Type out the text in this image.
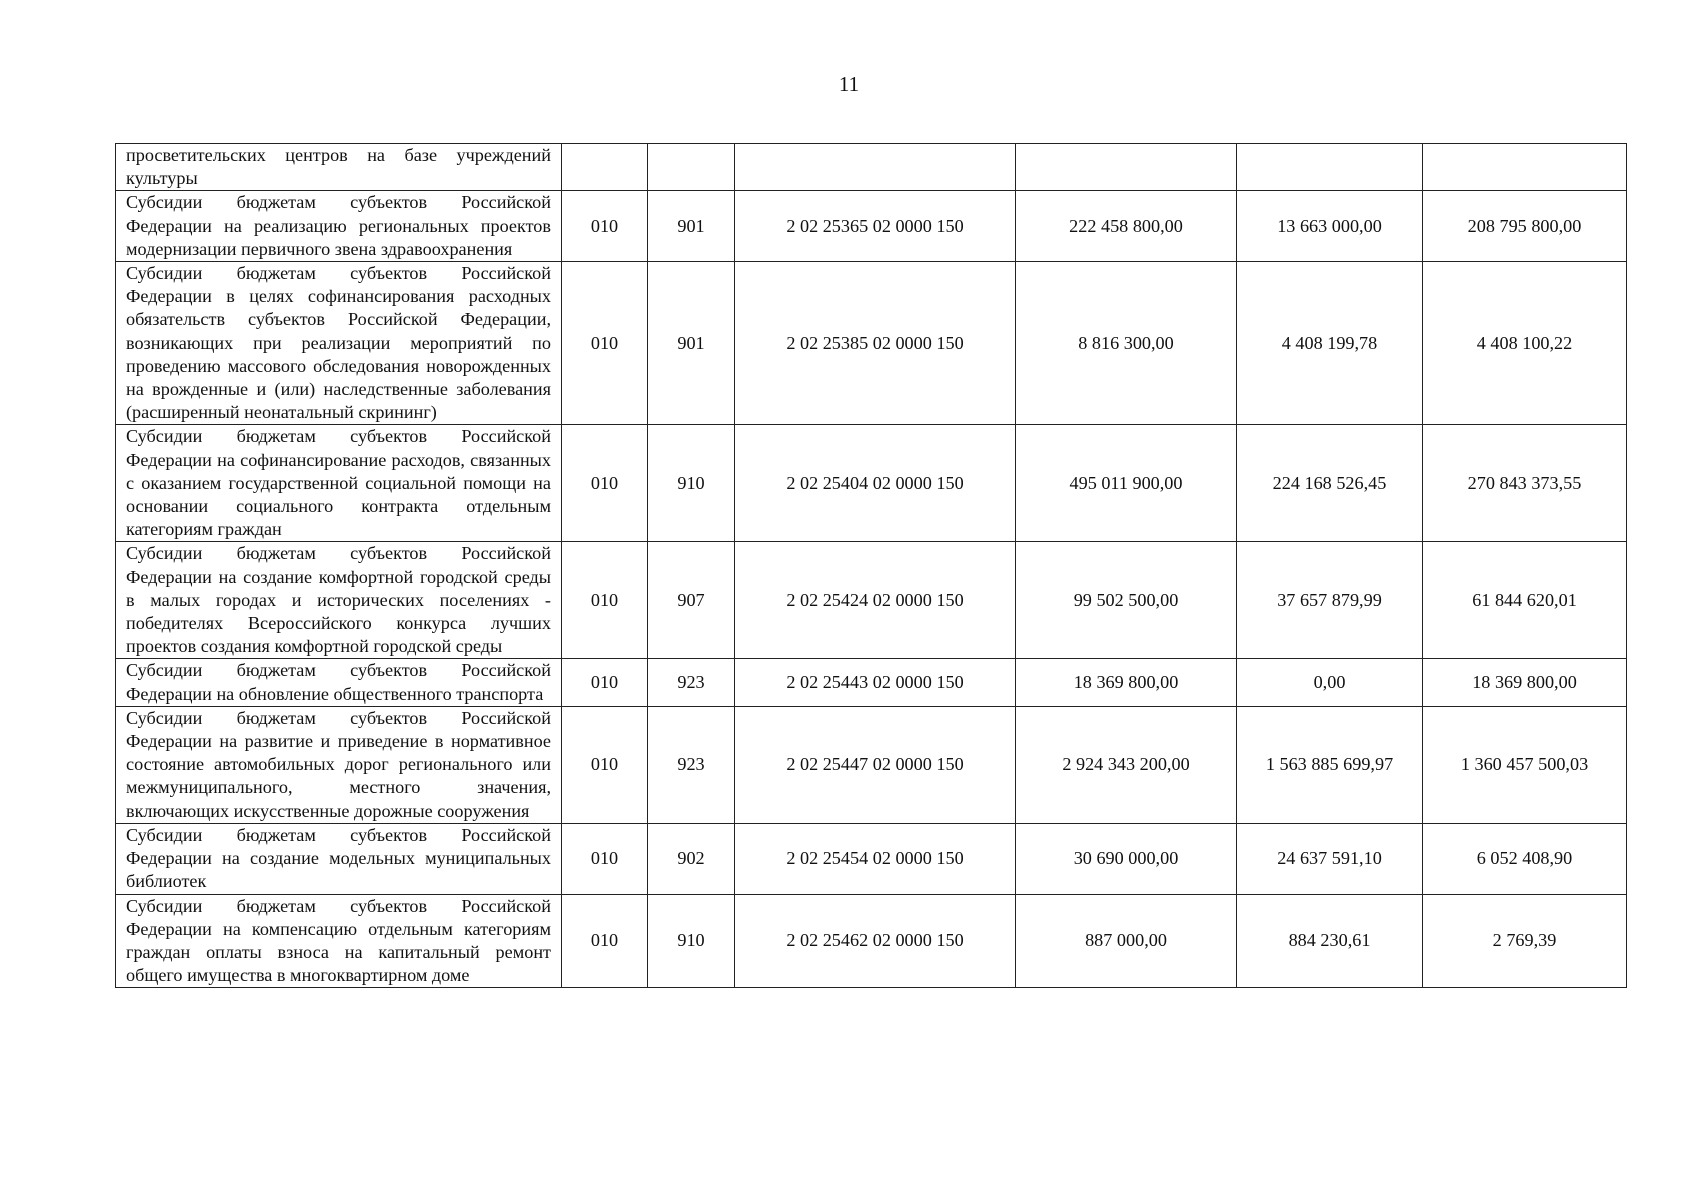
11
просветительских центров на базе учреждений культуры						
Субсидии бюджетам субъектов Российской Федерации на реализацию региональных проектов модернизации первичного звена здравоохранения	010	901	2 02 25365 02 0000 150	222 458 800,00	13 663 000,00	208 795 800,00
Субсидии бюджетам субъектов Российской Федерации в целях софинансирования расходных обязательств субъектов Российской Федерации, возникающих при реализации мероприятий по проведению массового обследования новорожденных на врожденные и (или) наследственные заболевания (расширенный неонатальный скрининг)	010	901	2 02 25385 02 0000 150	8 816 300,00	4 408 199,78	4 408 100,22
Субсидии бюджетам субъектов Российской Федерации на софинансирование расходов, связанных с оказанием государственной социальной помощи на основании социального контракта отдельным категориям граждан	010	910	2 02 25404 02 0000 150	495 011 900,00	224 168 526,45	270 843 373,55
Субсидии бюджетам субъектов Российской Федерации на создание комфортной городской среды в малых городах и исторических поселениях - победителях Всероссийского конкурса лучших проектов создания комфортной городской среды	010	907	2 02 25424 02 0000 150	99 502 500,00	37 657 879,99	61 844 620,01
Субсидии бюджетам субъектов Российской Федерации на обновление общественного транспорта	010	923	2 02 25443 02 0000 150	18 369 800,00	0,00	18 369 800,00
Субсидии бюджетам субъектов Российской Федерации на развитие и приведение в нормативное состояние автомобильных дорог регионального или межмуниципального, местного значения, включающих искусственные дорожные сооружения	010	923	2 02 25447 02 0000 150	2 924 343 200,00	1 563 885 699,97	1 360 457 500,03
Субсидии бюджетам субъектов Российской Федерации на создание модельных муниципальных библиотек	010	902	2 02 25454 02 0000 150	30 690 000,00	24 637 591,10	6 052 408,90
Субсидии бюджетам субъектов Российской Федерации на компенсацию отдельным категориям граждан оплаты взноса на капитальный ремонт общего имущества в многоквартирном доме	010	910	2 02 25462 02 0000 150	887 000,00	884 230,61	2 769,39
